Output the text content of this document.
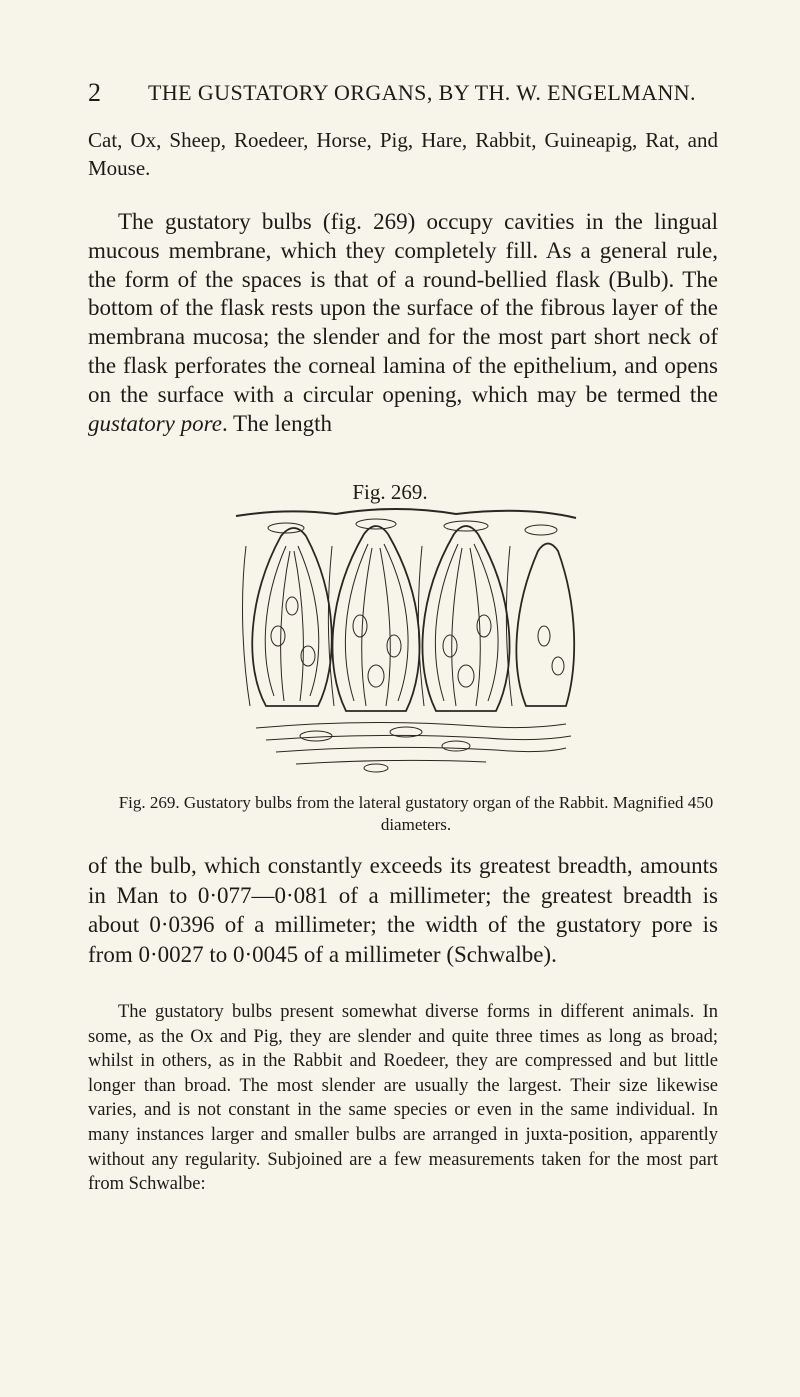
2 THE GUSTATORY ORGANS, BY TH. W. ENGELMANN.

Cat, Ox, Sheep, Roedeer, Horse, Pig, Hare, Rabbit, Guineapig, Rat, and Mouse.

The gustatory bulbs (fig. 269) occupy cavities in the lingual mucous membrane, which they completely fill. As a general rule, the form of the spaces is that of a round-bellied flask (Bulb). The bottom of the flask rests upon the surface of the fibrous layer of the membrana mucosa; the slender and for the most part short neck of the flask perforates the corneal lamina of the epithelium, and opens on the surface with a circular opening, which may be termed the gustatory pore. The length

Fig. 269.

Fig. 269. Gustatory bulbs from the lateral gustatory organ of the Rabbit. Magnified 450 diameters.

of the bulb, which constantly exceeds its greatest breadth, amounts in Man to 0·077—0·081 of a millimeter; the greatest breadth is about 0·0396 of a millimeter; the width of the gustatory pore is from 0·0027 to 0·0045 of a millimeter (Schwalbe).

The gustatory bulbs present somewhat diverse forms in different animals. In some, as the Ox and Pig, they are slender and quite three times as long as broad; whilst in others, as in the Rabbit and Roedeer, they are compressed and but little longer than broad. The most slender are usually the largest. Their size likewise varies, and is not constant in the same species or even in the same individual. In many instances larger and smaller bulbs are arranged in juxta-position, apparently without any regularity. Subjoined are a few measurements taken for the most part from Schwalbe:
